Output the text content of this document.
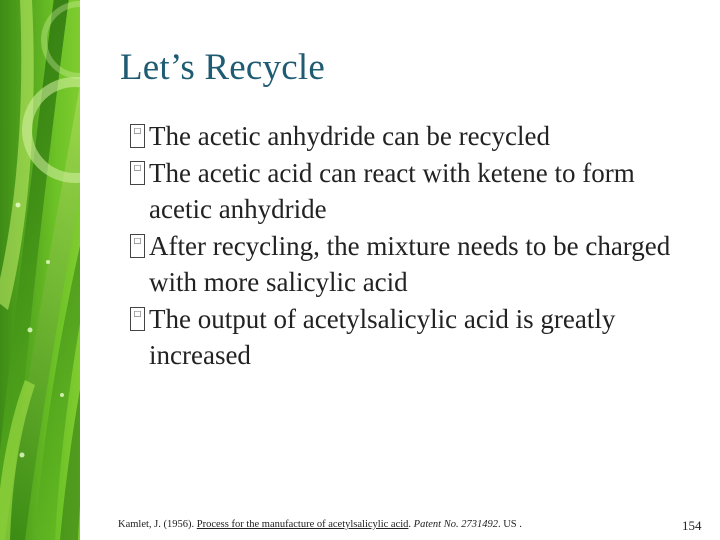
Let’s Recycle
□ The acetic anhydride can be recycled
□ The acetic acid can react with ketene to form acetic anhydride
□ After recycling, the mixture needs to be charged with more salicylic acid
□ The output of acetylsalicylic acid is greatly increased
Kamlet, J. (1956). Process for the manufacture of acetylsalicylic acid. Patent No. 2731492. US .	154
